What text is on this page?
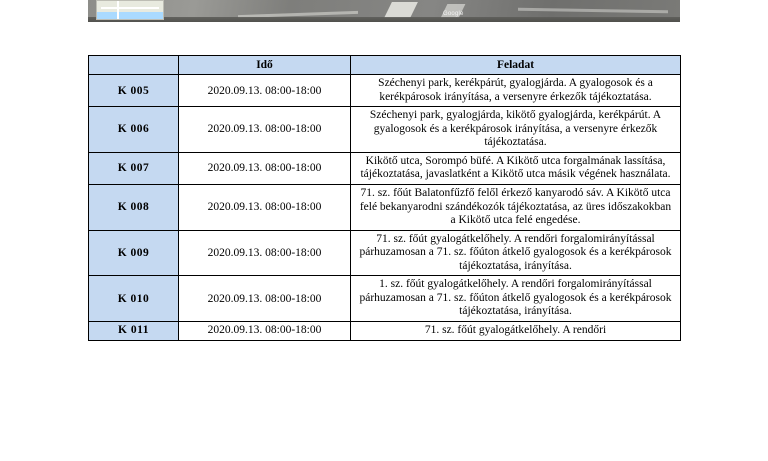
Google
	Idő	Feladat
K 005	2020.09.13. 08:00-18:00	Széchenyi park, kerékpárút, gyalogjárda. A gyalogosok és a kerékpárosok irányítása, a versenyre érkezők tájékoztatása.
K 006	2020.09.13. 08:00-18:00	Széchenyi park, gyalogjárda, kikötő gyalogjárda, kerékpárút. A gyalogosok és a kerékpárosok irányítása, a versenyre érkezők tájékoztatása.
K 007	2020.09.13. 08:00-18:00	Kikötő utca, Sorompó büfé. A Kikötő utca forgalmának lassítása, tájékoztatása, javaslatként a Kikötő utca másik végének használata.
K 008	2020.09.13. 08:00-18:00	71. sz. főút Balatonfűzfő felől érkező kanyarodó sáv. A Kikötő utca felé bekanyarodni szándékozók tájékoztatása, az üres időszakokban a Kikötő utca felé engedése.
K 009	2020.09.13. 08:00-18:00	71. sz. főút gyalogátkelőhely. A rendőri forgalomirányítással párhuzamosan a 71. sz. főúton átkelő gyalogosok és a kerékpárosok tájékoztatása, irányítása.
K 010	2020.09.13. 08:00-18:00	1. sz. főút gyalogátkelőhely. A rendőri forgalomirányítással párhuzamosan a 71. sz. főúton átkelő gyalogosok és a kerékpárosok tájékoztatása, irányítása.
K 011	2020.09.13. 08:00-18:00	71. sz. főút gyalogátkelőhely. A rendőri
